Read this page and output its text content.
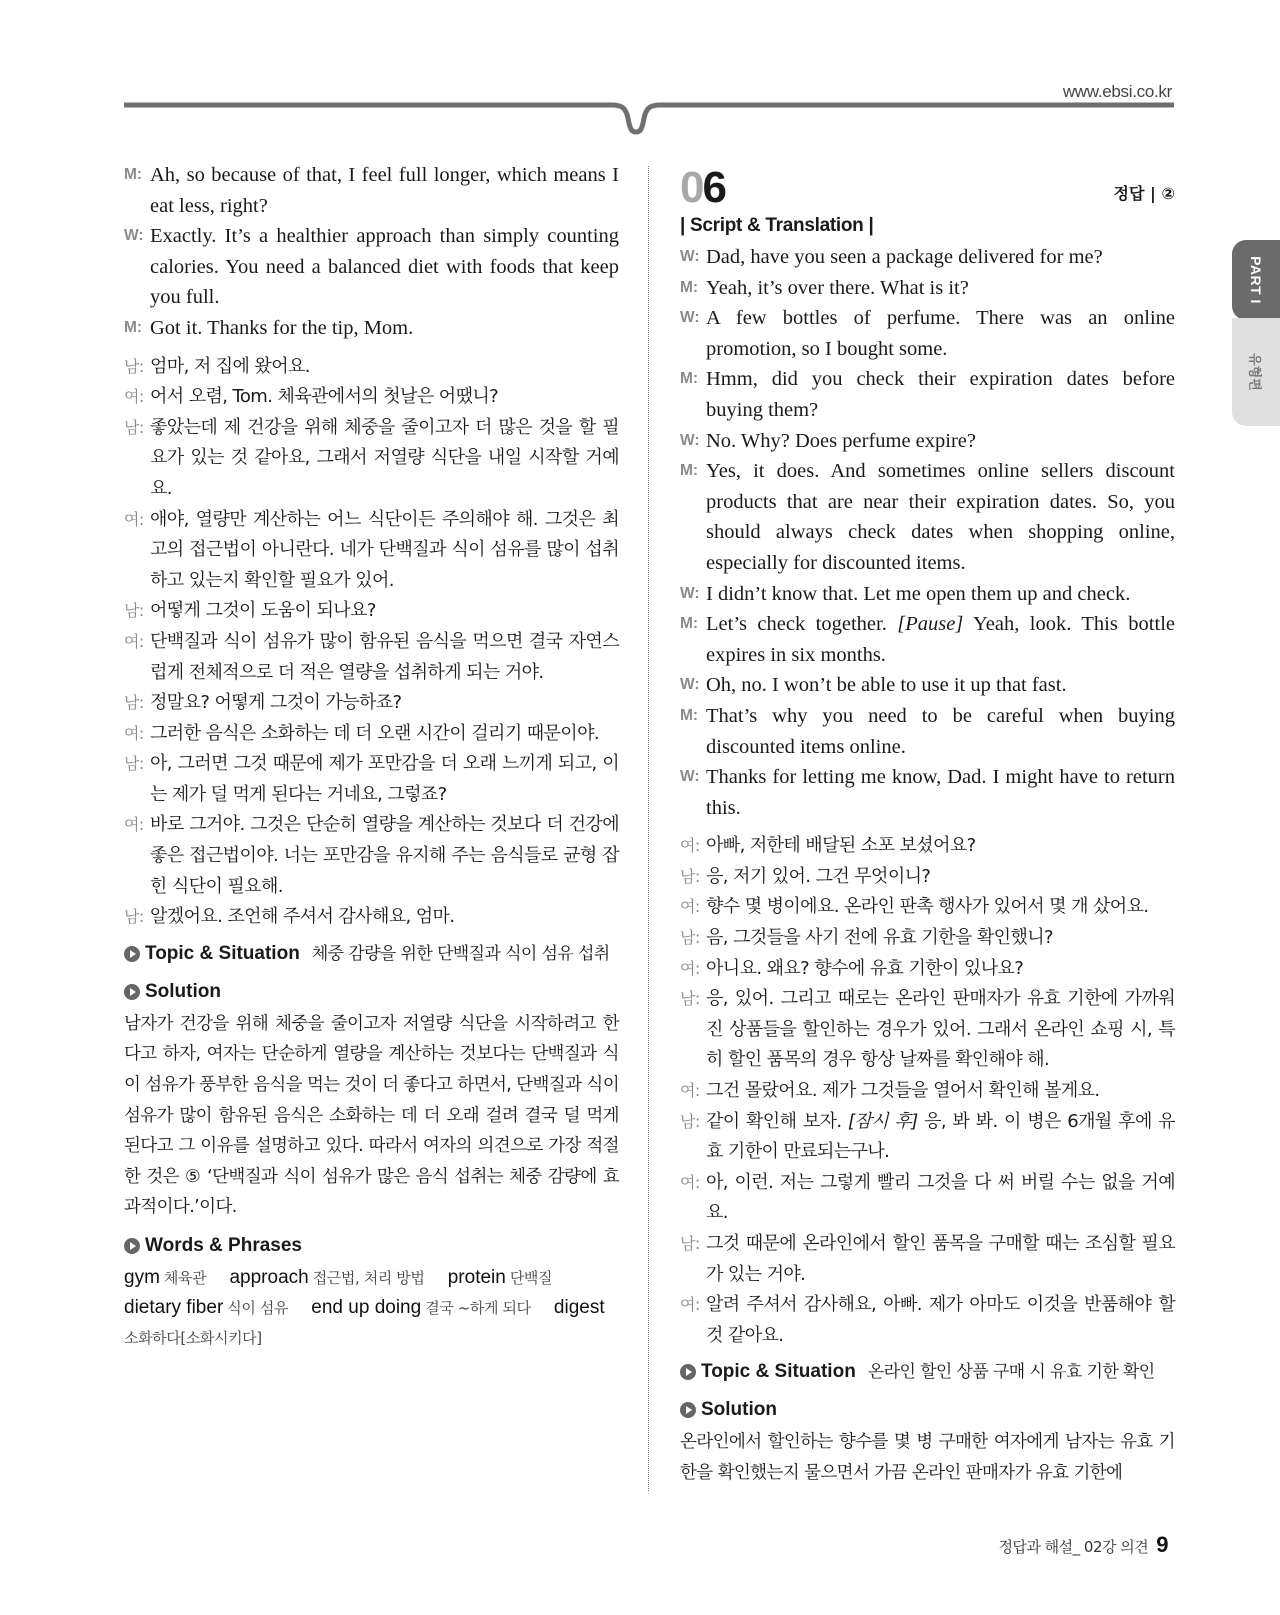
www.ebsi.co.kr
PART I
유형편
M: Ah, so because of that, I feel full longer, which means I eat less, right?
W: Exactly. It’s a healthier approach than simply counting calories. You need a balanced diet with foods that keep you full.
M: Got it. Thanks for the tip, Mom.
남: 엄마, 저 집에 왔어요.
여: 어서 오렴, Tom. 체육관에서의 첫날은 어땠니?
남: 좋았는데 제 건강을 위해 체중을 줄이고자 더 많은 것을 할 필요가 있는 것 같아요, 그래서 저열량 식단을 내일 시작할 거예요.
여: 애야, 열량만 계산하는 어느 식단이든 주의해야 해. 그것은 최고의 접근법이 아니란다. 네가 단백질과 식이 섬유를 많이 섭취하고 있는지 확인할 필요가 있어.
남: 어떻게 그것이 도움이 되나요?
여: 단백질과 식이 섬유가 많이 함유된 음식을 먹으면 결국 자연스럽게 전체적으로 더 적은 열량을 섭취하게 되는 거야.
남: 정말요? 어떻게 그것이 가능하죠?
여: 그러한 음식은 소화하는 데 더 오랜 시간이 걸리기 때문이야.
남: 아, 그러면 그것 때문에 제가 포만감을 더 오래 느끼게 되고, 이는 제가 덜 먹게 된다는 거네요, 그렇죠?
여: 바로 그거야. 그것은 단순히 열량을 계산하는 것보다 더 건강에 좋은 접근법이야. 너는 포만감을 유지해 주는 음식들로 균형 잡힌 식단이 필요해.
남: 알겠어요. 조언해 주셔서 감사해요, 엄마.
Topic & Situation 체중 감량을 위한 단백질과 식이 섬유 섭취
Solution
남자가 건강을 위해 체중을 줄이고자 저열량 식단을 시작하려고 한다고 하자, 여자는 단순하게 열량을 계산하는 것보다는 단백질과 식이 섬유가 풍부한 음식을 먹는 것이 더 좋다고 하면서, 단백질과 식이 섬유가 많이 함유된 음식은 소화하는 데 더 오래 걸려 결국 덜 먹게 된다고 그 이유를 설명하고 있다. 따라서 여자의 의견으로 가장 적절한 것은 ⑤ ‘단백질과 식이 섬유가 많은 음식 섭취는 체중 감량에 효과적이다.’이다.
Words & Phrases
gym 체육관 approach 접근법, 처리 방법 protein 단백질
dietary fiber 식이 섬유 end up doing 결국 ~하게 되다 digest
소화하다[소화시키다]
06	정답 | ②
| Script & Translation |
W: Dad, have you seen a package delivered for me?
M: Yeah, it’s over there. What is it?
W: A few bottles of perfume. There was an online promotion, so I bought some.
M: Hmm, did you check their expiration dates before buying them?
W: No. Why? Does perfume expire?
M: Yes, it does. And sometimes online sellers discount products that are near their expiration dates. So, you should always check dates when shopping online, especially for discounted items.
W: I didn’t know that. Let me open them up and check.
M: Let’s check together. [Pause] Yeah, look. This bottle expires in six months.
W: Oh, no. I won’t be able to use it up that fast.
M: That’s why you need to be careful when buying discounted items online.
W: Thanks for letting me know, Dad. I might have to return this.
여: 아빠, 저한테 배달된 소포 보셨어요?
남: 응, 저기 있어. 그건 무엇이니?
여: 향수 몇 병이에요. 온라인 판촉 행사가 있어서 몇 개 샀어요.
남: 음, 그것들을 사기 전에 유효 기한을 확인했니?
여: 아니요. 왜요? 향수에 유효 기한이 있나요?
남: 응, 있어. 그리고 때로는 온라인 판매자가 유효 기한에 가까워진 상품들을 할인하는 경우가 있어. 그래서 온라인 쇼핑 시, 특히 할인 품목의 경우 항상 날짜를 확인해야 해.
여: 그건 몰랐어요. 제가 그것들을 열어서 확인해 볼게요.
남: 같이 확인해 보자. [잠시 후] 응, 봐 봐. 이 병은 6개월 후에 유효 기한이 만료되는구나.
여: 아, 이런. 저는 그렇게 빨리 그것을 다 써 버릴 수는 없을 거예요.
남: 그것 때문에 온라인에서 할인 품목을 구매할 때는 조심할 필요가 있는 거야.
여: 알려 주셔서 감사해요, 아빠. 제가 아마도 이것을 반품해야 할 것 같아요.
Topic & Situation 온라인 할인 상품 구매 시 유효 기한 확인
Solution
온라인에서 할인하는 향수를 몇 병 구매한 여자에게 남자는 유효 기한을 확인했는지 물으면서 가끔 온라인 판매자가 유효 기한에
정답과 해설_ 02강 의견 9
